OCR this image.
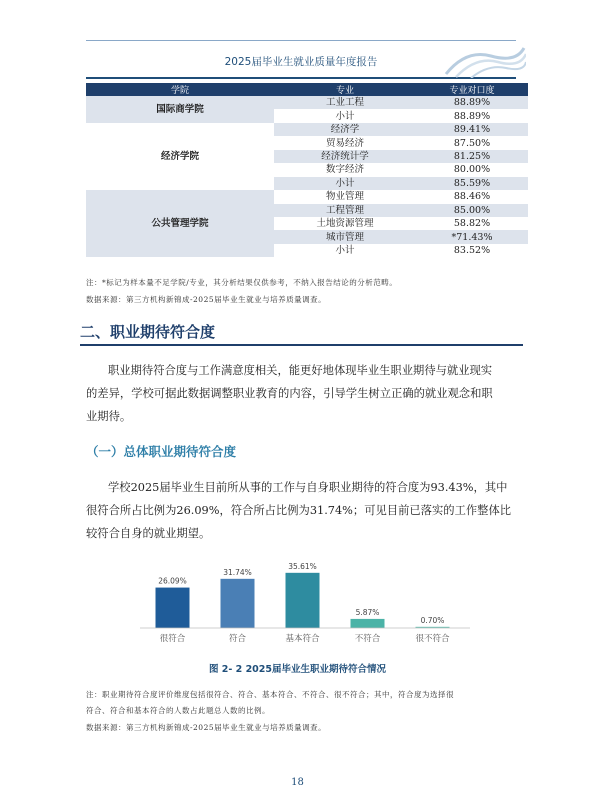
2025届毕业生就业质量年度报告
学院	专业	专业对口度
国际商学院	工业工程	88.89%
	小计	88.89%
经济学院	经济学	89.41%
	贸易经济	87.50%
	经济统计学	81.25%
	数字经济	80.00%
	小计	85.59%
公共管理学院	物业管理	88.46%
	工程管理	85.00%
	土地资源管理	58.82%
	城市管理	*71.43%
	小计	83.52%
注：*标记为样本量不足学院/专业，其分析结果仅供参考，不纳入报告结论的分析范畴。
数据来源：第三方机构新锦成-2025届毕业生就业与培养质量调查。
二、职业期待符合度
职业期待符合度与工作满意度相关，能更好地体现毕业生职业期待与就业现实
的差异，学校可据此数据调整职业教育的内容，引导学生树立正确的就业观念和职
业期待。
（一）总体职业期待符合度
学校2025届毕业生目前所从事的工作与自身职业期待的符合度为93.43%，其中
很符合所占比例为26.09%，符合所占比例为31.74%；可见目前已落实的工作整体比
较符合自身的就业期望。
26.09%
很符合
31.74%
符合
35.61%
基本符合
5.87%
不符合
0.70%
很不符合
图 2- 2 2025届毕业生职业期待符合情况
注：职业期待符合度评价维度包括很符合、符合、基本符合、不符合、很不符合；其中，符合度为选择很
符合、符合和基本符合的人数占此题总人数的比例。
数据来源：第三方机构新锦成-2025届毕业生就业与培养质量调查。
18
